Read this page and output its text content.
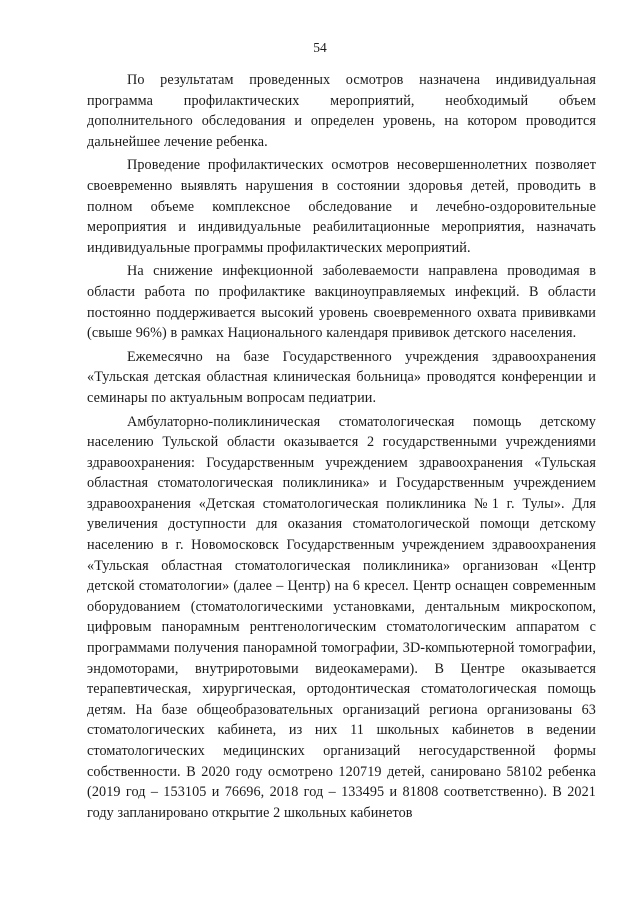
54

По результатам проведенных осмотров назначена индивидуальная программа профилактических мероприятий, необходимый объем дополнительного обследования и определен уровень, на котором проводится дальнейшее лечение ребенка.

Проведение профилактических осмотров несовершеннолетних позволяет своевременно выявлять нарушения в состоянии здоровья детей, проводить в полном объеме комплексное обследование и лечебно-оздоровительные мероприятия и индивидуальные реабилитационные мероприятия, назначать индивидуальные программы профилактических мероприятий.

На снижение инфекционной заболеваемости направлена проводимая в области работа по профилактике вакциноуправляемых инфекций. В области постоянно поддерживается высокий уровень своевременного охвата прививками (свыше 96%) в рамках Национального календаря прививок детского населения.

Ежемесячно на базе Государственного учреждения здравоохранения «Тульская детская областная клиническая больница» проводятся конференции и семинары по актуальным вопросам педиатрии.

Амбулаторно-поликлиническая стоматологическая помощь детскому населению Тульской области оказывается 2 государственными учреждениями здравоохранения: Государственным учреждением здравоохранения «Тульская областная стоматологическая поликлиника» и Государственным учреждением здравоохранения «Детская стоматологическая поликлиника №1 г. Тулы». Для увеличения доступности для оказания стоматологической помощи детскому населению в г. Новомосковск Государственным учреждением здравоохранения «Тульская областная стоматологическая поликлиника» организован «Центр детской стоматологии» (далее – Центр) на 6 кресел. Центр оснащен современным оборудованием (стоматологическими установками, дентальным микроскопом, цифровым панорамным рентгенологическим стоматологическим аппаратом с программами получения панорамной томографии, 3D-компьютерной томографии, эндомоторами, внутриротовыми видеокамерами). В Центре оказывается терапевтическая, хирургическая, ортодонтическая стоматологическая помощь детям. На базе общеобразовательных организаций региона организованы 63 стоматологических кабинета, из них 11 школьных кабинетов в ведении стоматологических медицинских организаций негосударственной формы собственности. В 2020 году осмотрено 120719 детей, санировано 58102 ребенка (2019 год – 153105 и 76696, 2018 год – 133495 и 81808 соответственно). В 2021 году запланировано открытие 2 школьных кабинетов
